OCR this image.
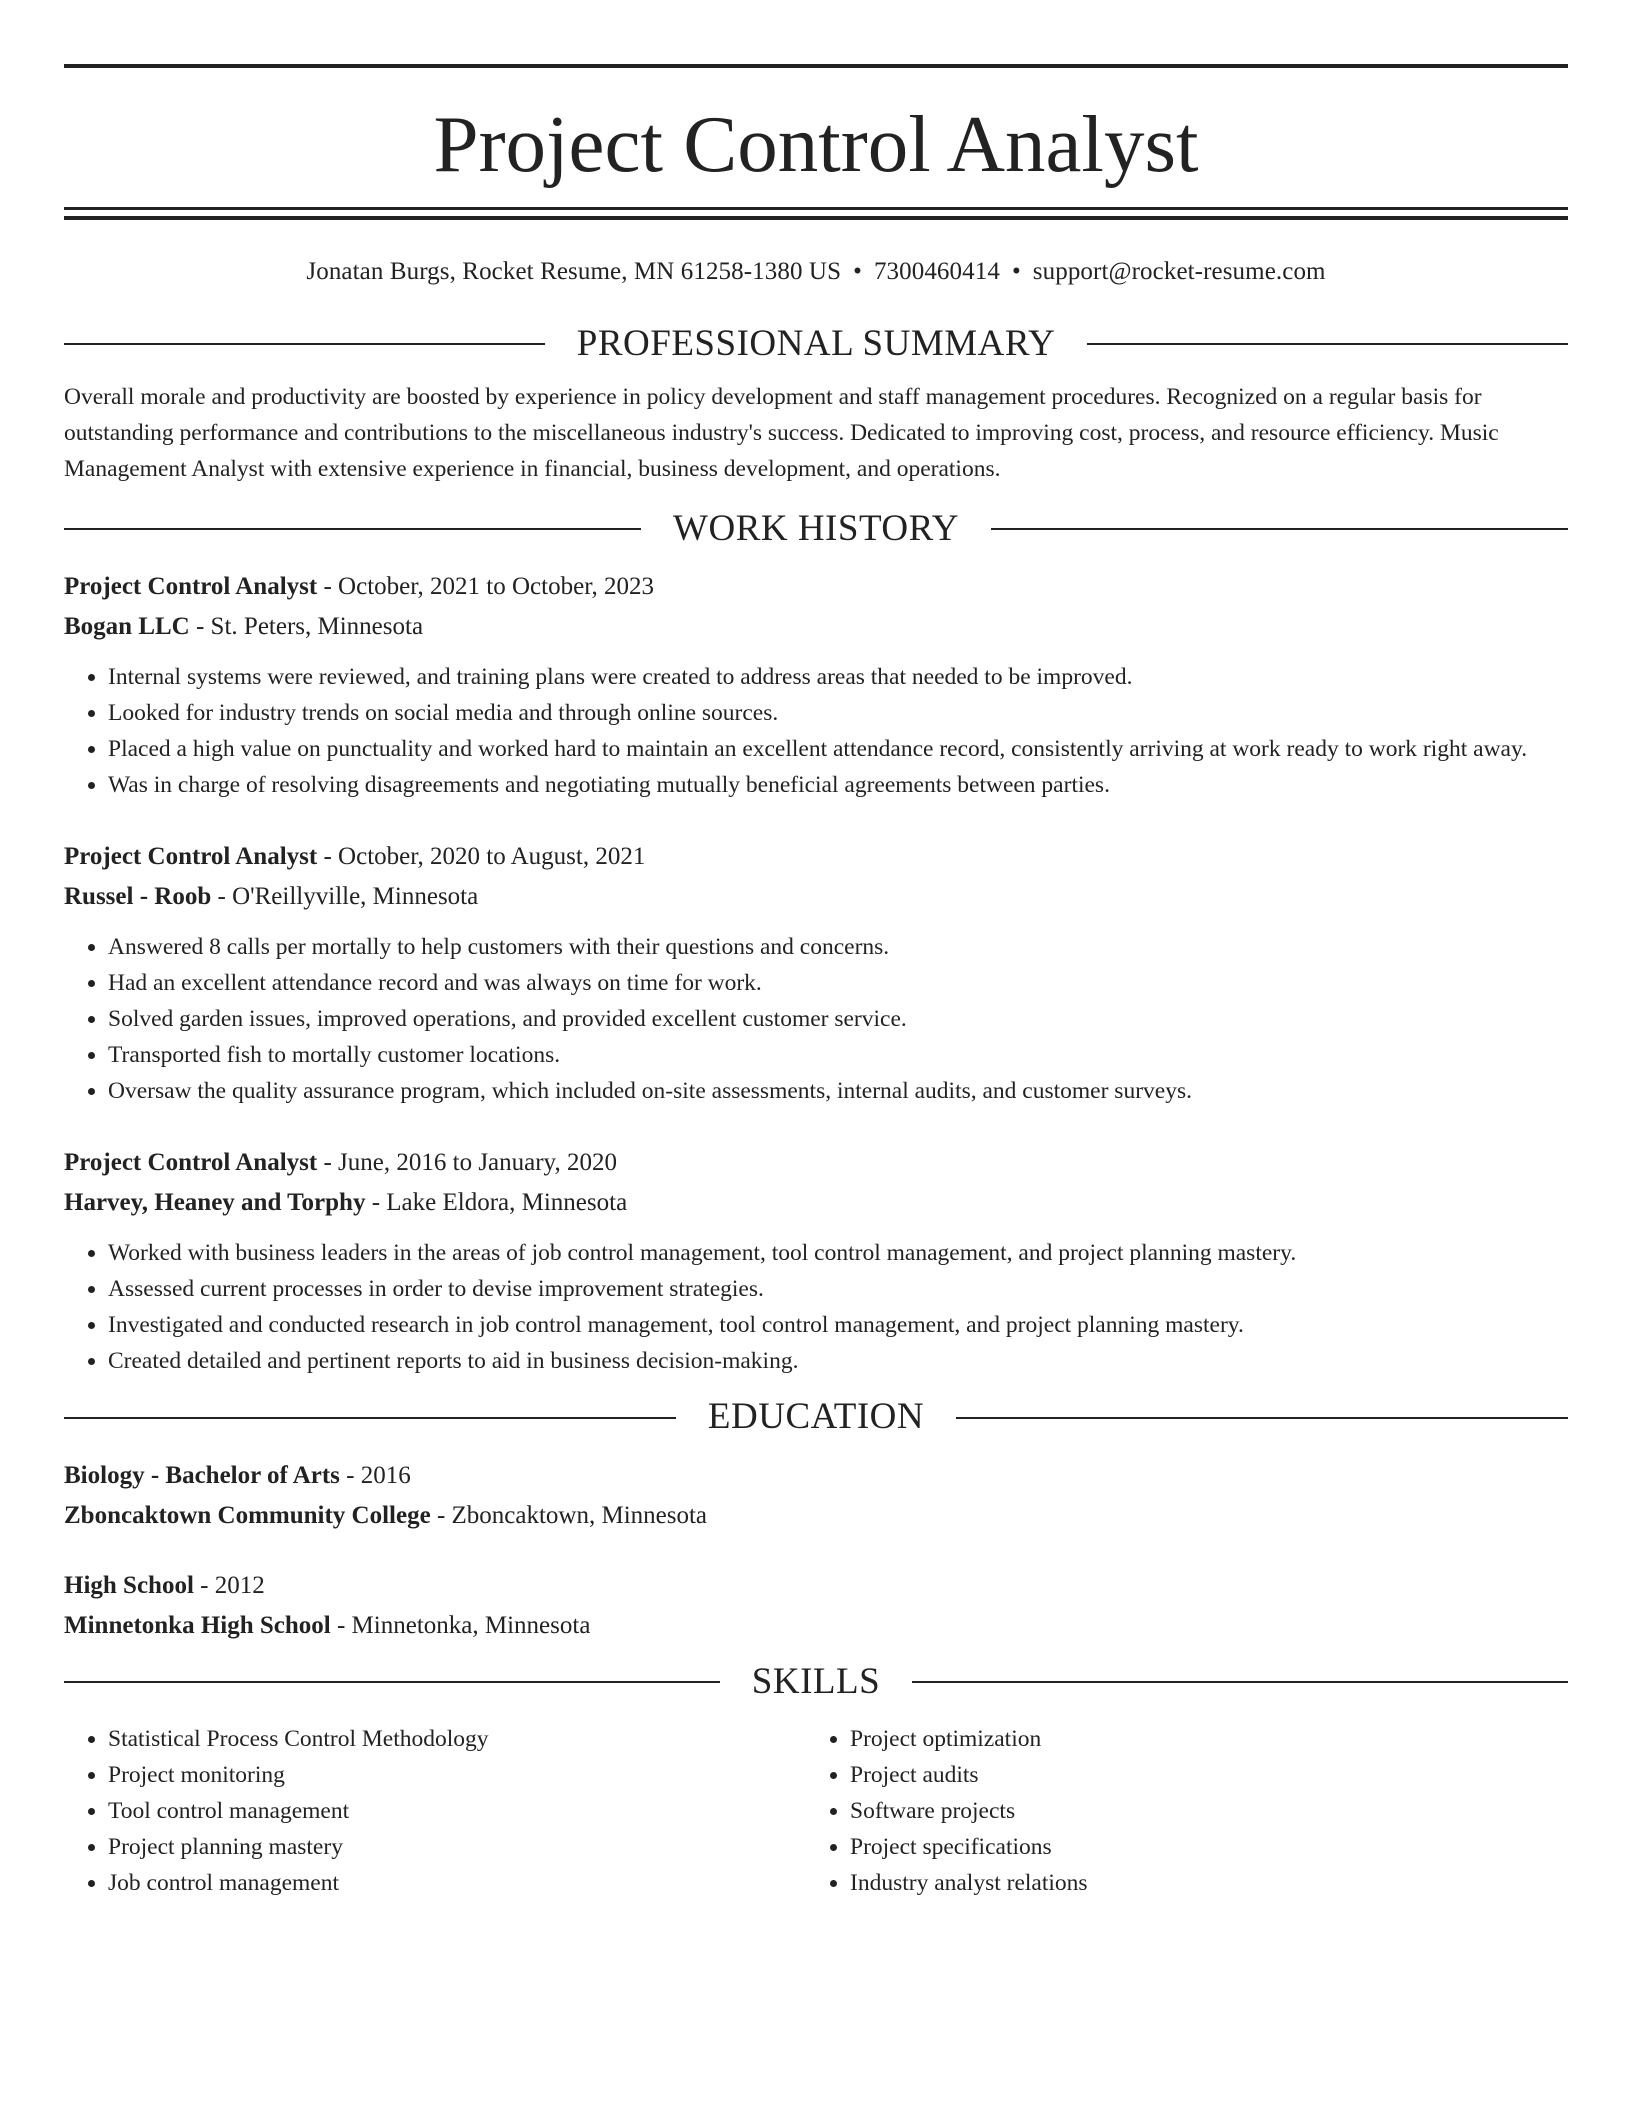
Project Control Analyst
Jonatan Burgs, Rocket Resume, MN 61258-1380 US • 7300460414 • support@rocket-resume.com
PROFESSIONAL SUMMARY
Overall morale and productivity are boosted by experience in policy development and staff management procedures. Recognized on a regular basis for outstanding performance and contributions to the miscellaneous industry's success. Dedicated to improving cost, process, and resource efficiency. Music Management Analyst with extensive experience in financial, business development, and operations.
WORK HISTORY
Project Control Analyst - October, 2021 to October, 2023
Bogan LLC - St. Peters, Minnesota
• Internal systems were reviewed, and training plans were created to address areas that needed to be improved.
• Looked for industry trends on social media and through online sources.
• Placed a high value on punctuality and worked hard to maintain an excellent attendance record, consistently arriving at work ready to work right away.
• Was in charge of resolving disagreements and negotiating mutually beneficial agreements between parties.
Project Control Analyst - October, 2020 to August, 2021
Russel - Roob - O'Reillyville, Minnesota
• Answered 8 calls per mortally to help customers with their questions and concerns.
• Had an excellent attendance record and was always on time for work.
• Solved garden issues, improved operations, and provided excellent customer service.
• Transported fish to mortally customer locations.
• Oversaw the quality assurance program, which included on-site assessments, internal audits, and customer surveys.
Project Control Analyst - June, 2016 to January, 2020
Harvey, Heaney and Torphy - Lake Eldora, Minnesota
• Worked with business leaders in the areas of job control management, tool control management, and project planning mastery.
• Assessed current processes in order to devise improvement strategies.
• Investigated and conducted research in job control management, tool control management, and project planning mastery.
• Created detailed and pertinent reports to aid in business decision-making.
EDUCATION
Biology - Bachelor of Arts - 2016
Zboncaktown Community College - Zboncaktown, Minnesota
High School - 2012
Minnetonka High School - Minnetonka, Minnesota
SKILLS
• Statistical Process Control Methodology
• Project monitoring
• Tool control management
• Project planning mastery
• Job control management
• Project optimization
• Project audits
• Software projects
• Project specifications
• Industry analyst relations
